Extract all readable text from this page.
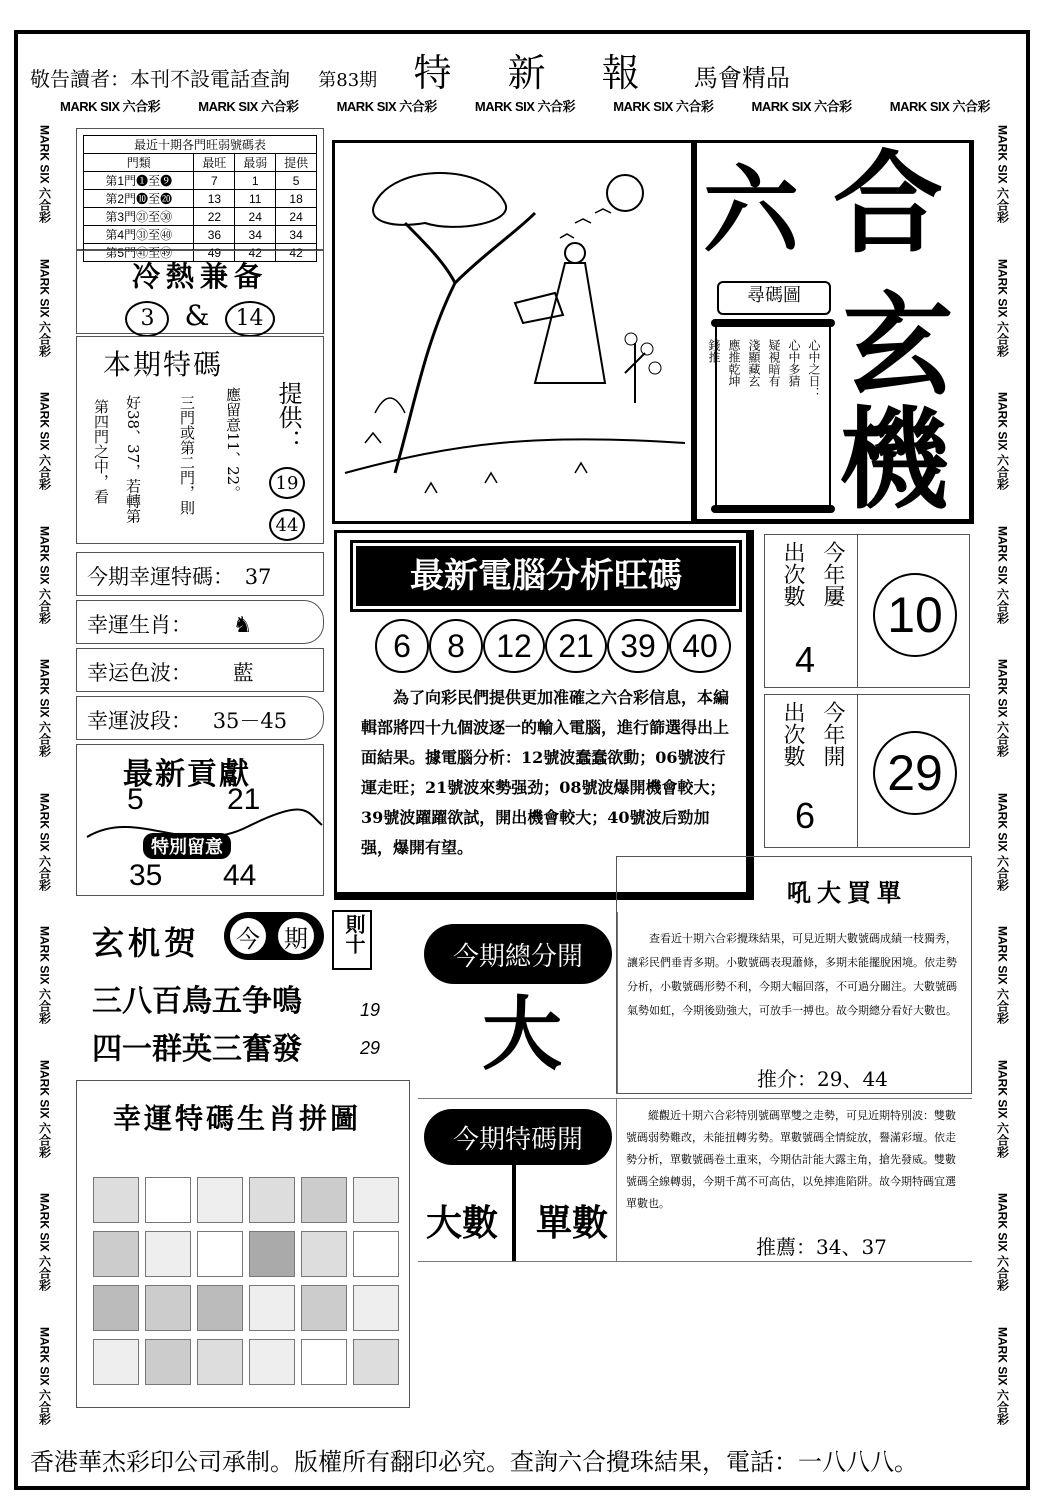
敬告讀者：本刊不設電話查詢 第83期 特 新 報 馬會精品
MARK SIX 六合彩	MARK SIX 六合彩	MARK SIX 六合彩	MARK SIX 六合彩	MARK SIX 六合彩	MARK SIX 六合彩	MARK SIX 六合彩
MARK SIX 六合彩
MARK SIX 六合彩
MARK SIX 六合彩
MARK SIX 六合彩
MARK SIX 六合彩
MARK SIX 六合彩
MARK SIX 六合彩
MARK SIX 六合彩
MARK SIX 六合彩
MARK SIX 六合彩
MARK SIX 六合彩
MARK SIX 六合彩
MARK SIX 六合彩
MARK SIX 六合彩
MARK SIX 六合彩
MARK SIX 六合彩
MARK SIX 六合彩
MARK SIX 六合彩
MARK SIX 六合彩
MARK SIX 六合彩
最近十期各門旺弱號碼表
門類	最旺	最弱	提供
第1門❶至❾	7	1	5
第2門❿至⓴	13	11	18
第3門㉑至㉚	22	24	24
第4門㉛至㊵	36	34	34
第5門㊶至㊾	49	42	42
冷熱兼备
3 & 14
本期特碼
第四門之中，看 好38、37，若轉第 三門或第二門，則 應留意11、22。 提供：
19
44
今期幸運特碼： 37
幸運生肖： ♞
幸运色波： 藍
幸運波段： 35－45
最新貢獻
5	21
特別留意
35 44
玄机贺	今	期
三八百鳥五争鳴
四一群英三奮發
則十
19
29
幸運特碼生肖拼圖
六 合
玄
機
尋碼圖
心中之日：
心中多猜
疑視暗有
淺顯藏玄
應推乾坤
錢推
最新電腦分析旺碼
6	8 12 21 39 40
為了向彩民們提供更加准確之六合彩信息，本編輯部將四十九個波逐一的輸入電腦，進行篩選得出上面結果。據電腦分析：12號波蠢蠢欲動；06號波行運走旺；21號波來勢强劲；08號波爆開機會較大；39號波躍躍欲試，開出機會較大；40號波后勁加强，爆開有望。
出次數 今年屢
4
10
出次數 今年開
6
29
吼大買單
查看近十期六合彩攪珠結果，可見近期大數號碼成績一枝獨秀，讓彩民們垂青多期。小數號碼表現蕭條，多期未能擺脫困境。依走勢分析，小數號碼形勢不利，今期大幅回落，不可過分關注。大數號碼氣勢如虹，今期後勁強大，可放手一搏也。故今期總分看好大數也。
推介：29、44
今期總分開
大
今期特碼開
大數 單數
縱觀近十期六合彩特別號碼單雙之走勢，可見近期特別波：雙數號碼弱勢難改，未能扭轉劣勢。單數號碼全情綻放，譽滿彩壇。依走勢分析，單數號碼卷土重來，今期估計能大露主角，搶先發威。雙數號碼全線轉弱，今期千萬不可高估，以免摔進陷阱。故今期特碼宜選單數也。
推薦：34、37
香港華杰彩印公司承制。版權所有翻印必究。查詢六合攪珠結果，電話：一八八八。
